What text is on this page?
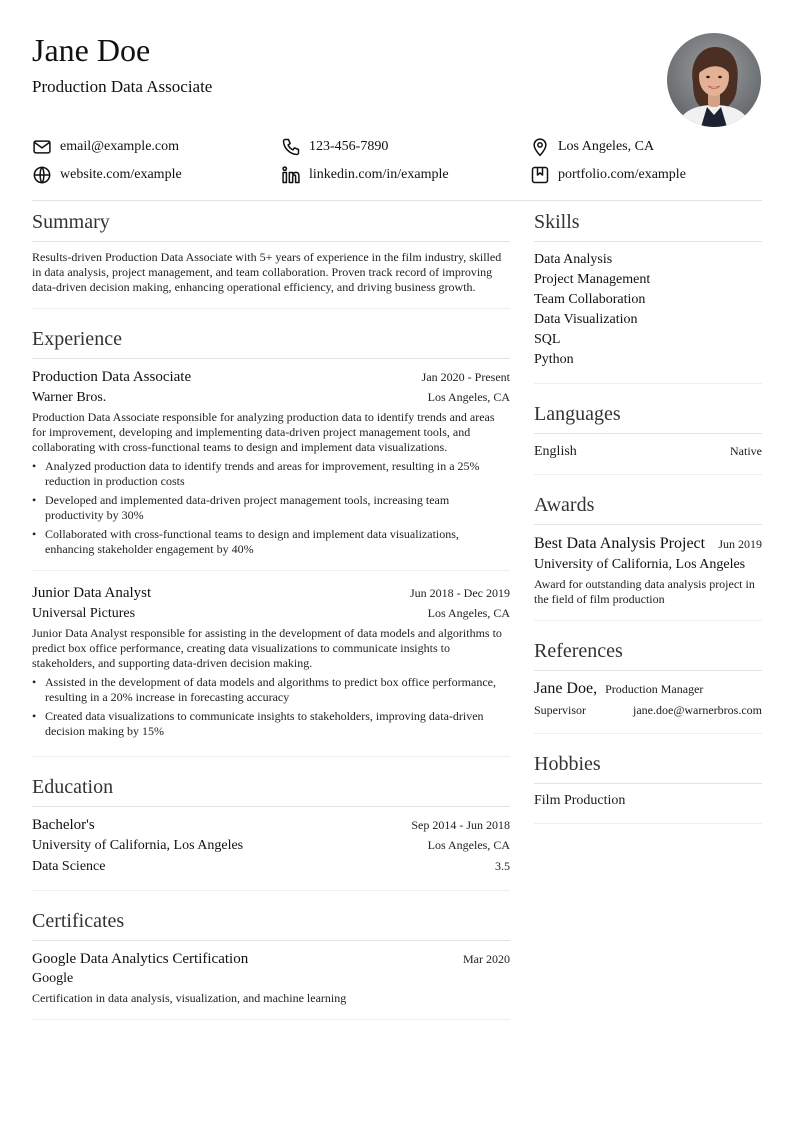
Jane Doe
Production Data Associate
email@example.com	123-456-7890	Los Angeles, CA
website.com/example	linkedin.com/in/example	portfolio.com/example
Summary

Results-driven Production Data Associate with 5+ years of experience in the film industry, skilled in data analysis, project management, and team collaboration. Proven track record of improving data-driven decision making, enhancing operational efficiency, and driving business growth.

Experience
Production Data Associate	Jan 2020 - Present
Warner Bros.	Los Angeles, CA

Production Data Associate responsible for analyzing production data to identify trends and areas for improvement, developing and implementing data-driven project management tools, and collaborating with cross-functional teams to design and implement data visualizations.

• Analyzed production data to identify trends and areas for improvement, resulting in a 25% reduction in production costs
• Developed and implemented data-driven project management tools, increasing team productivity by 30%
• Collaborated with cross-functional teams to design and implement data visualizations, enhancing stakeholder engagement by 40%
Junior Data Analyst	Jun 2018 - Dec 2019
Universal Pictures	Los Angeles, CA

Junior Data Analyst responsible for assisting in the development of data models and algorithms to predict box office performance, creating data visualizations to communicate insights to stakeholders, and supporting data-driven decision making.

• Assisted in the development of data models and algorithms to predict box office performance, resulting in a 20% increase in forecasting accuracy
• Created data visualizations to communicate insights to stakeholders, improving data-driven decision making by 15%
Education
Bachelor's	Sep 2014 - Jun 2018
University of California, Los Angeles	Los Angeles, CA
Data Science	3.5
Certificates
Google Data Analytics Certification	Mar 2020
Google

Certification in data analysis, visualization, and machine learning

Skills
Data Analysis
Project Management
Team Collaboration
Data Visualization
SQL
Python
Languages
English	Native
Awards
Best Data Analysis Project Jun 2019
University of California, Los Angeles

Award for outstanding data analysis project in the field of film production

References
Jane Doe, Production Manager
Supervisor	jane.doe@warnerbros.com
Hobbies
Film Production
